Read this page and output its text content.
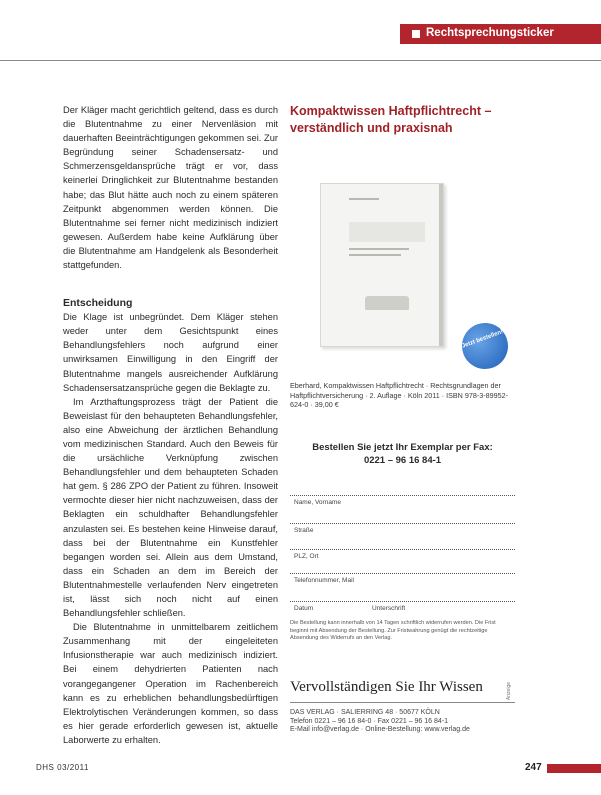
Rechtsprechungsticker

Der Kläger macht gerichtlich geltend, dass es durch die Blutentnahme zu einer Nervenläsion mit dauerhaften Beeinträchtigungen gekommen sei. Zur Begründung seiner Schadensersatz- und Schmerzensgeldansprüche trägt er vor, dass keinerlei Dringlichkeit zur Blutentnahme bestanden habe; das Blut hätte auch noch zu einem späteren Zeitpunkt abgenommen werden können. Die Blutentnahme sei ferner nicht medizinisch indiziert gewesen. Außerdem habe keine Aufklärung über die Blutentnahme am Handgelenk als Besonderheit stattgefunden.

Entscheidung

Die Klage ist unbegründet. Dem Kläger stehen weder unter dem Gesichtspunkt eines Behandlungsfehlers noch aufgrund einer unwirksamen Einwilligung in den Eingriff der Blutentnahme mangels ausreichender Aufklärung Schadensersatzansprüche gegen die Beklagte zu.

Im Arzthaftungsprozess trägt der Patient die Beweislast für den behaupteten Behandlungsfehler, also eine Abweichung der ärztlichen Behandlung vom medizinischen Standard. Auch den Beweis für die ursächliche Verknüpfung zwischen Behandlungsfehler und dem behaupteten Schaden hat gem. § 286 ZPO der Patient zu führen. Insoweit vermochte dieser hier nicht nachzuweisen, dass der Beklagten ein schuldhafter Behandlungsfehler anzulasten sei. Es bestehen keine Hinweise darauf, dass bei der Blutentnahme ein Kunstfehler begangen worden sei. Allein aus dem Umstand, dass ein Schaden an dem im Bereich der Blutentnahmestelle verlaufenden Nerv eingetreten ist, lässt sich noch nicht auf einen Behandlungsfehler schließen.

Die Blutentnahme in unmittelbarem zeitlichem Zusammenhang mit der eingeleiteten Infusionstherapie war auch medizinisch indiziert. Bei einem dehydrierten Patienten nach vorangegangener Operation im Rachenbereich kann es zu erheblichen behandlungsbedürftigen Elektrolytischen Veränderungen kommen, so dass es hier gerade erforderlich gewesen ist, aktuelle Laborwerte zu erhalten.

Kompaktwissen Haftpflichtrecht – verständlich und praxisnah
Jetzt bestellen!
Eberhard, Kompaktwissen Haftpflichtrecht · Rechtsgrundlagen der Haftpflichtversicherung · 2. Auflage · Köln 2011 · ISBN 978-3-89952-624-0 · 39,00 €
Bestellen Sie jetzt Ihr Exemplar per Fax:
0221 – 96 16 84-1
Name, Vorname
Straße
PLZ, Ort
Telefonnummer, Mail
Datum	Unterschrift
Die Bestellung kann innerhalb von 14 Tagen schriftlich widerrufen werden. Die Frist beginnt mit Absendung der Bestellung. Zur Fristwahrung genügt die rechtzeitige Absendung des Widerrufs an den Verlag.
Vervollständigen Sie Ihr Wissen
DAS VERLAG · SALIERRING 48 · 50677 KÖLN
Telefon 0221 – 96 16 84-0 · Fax 0221 – 96 16 84-1
E-Mail info@verlag.de · Online-Bestellung: www.verlag.de
Anzeige
DHS 03/2011	247
